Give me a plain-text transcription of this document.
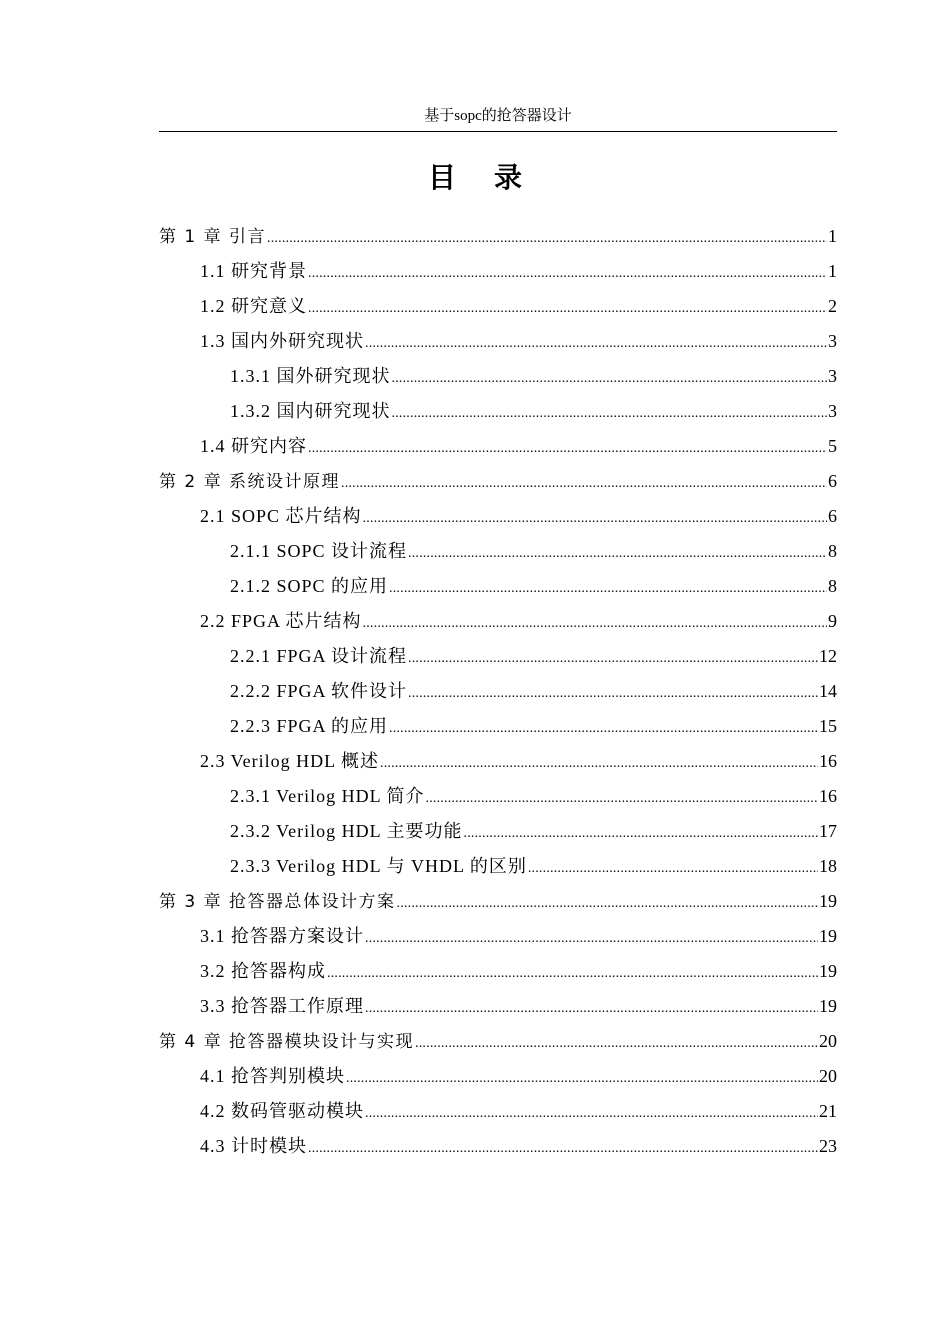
基于sopc的抢答器设计
目录
第 1 章 引言 .....	1
1.1 研究背景 .....	1
1.2 研究意义 .....	2
1.3 国内外研究现状 .....	3
1.3.1 国外研究现状 .....	3
1.3.2 国内研究现状 .....	3
1.4 研究内容 .....	5
第 2 章 系统设计原理 .....	6
2.1 SOPC 芯片结构 .....	6
2.1.1 SOPC 设计流程 .....	8
2.1.2 SOPC 的应用 .....	8
2.2 FPGA 芯片结构 .....	9
2.2.1 FPGA 设计流程 .....	12
2.2.2 FPGA 软件设计 .....	14
2.2.3 FPGA 的应用 .....	15
2.3 Verilog HDL 概述 .....	16
2.3.1 Verilog HDL 简介 .....	16
2.3.2 Verilog HDL 主要功能 .....	17
2.3.3 Verilog HDL 与 VHDL 的区别 .....	18
第 3 章 抢答器总体设计方案 .....	19
3.1 抢答器方案设计 .....	19
3.2 抢答器构成 .....	19
3.3 抢答器工作原理 .....	19
第 4 章 抢答器模块设计与实现 .....	20
4.1 抢答判别模块 .....	20
4.2 数码管驱动模块 .....	21
4.3 计时模块 .....	23
